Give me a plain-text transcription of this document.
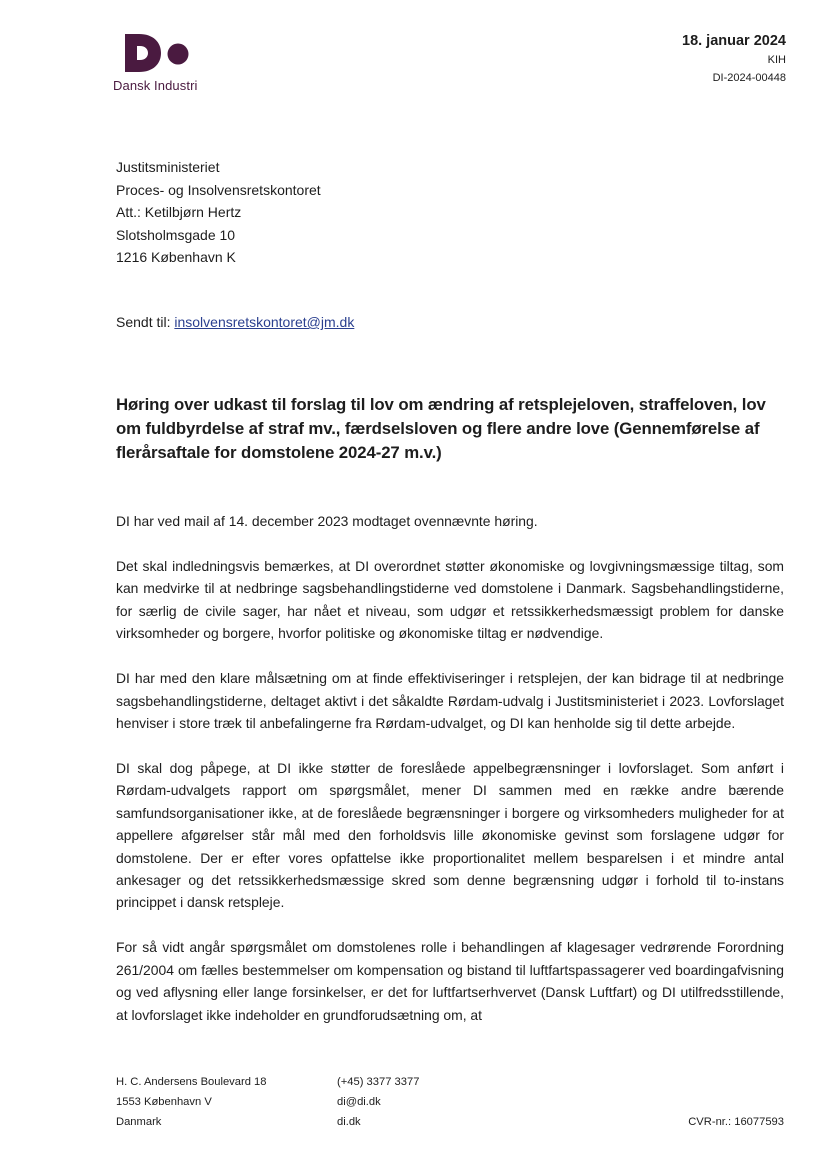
Dansk Industri
18. januar 2024
KIH
DI-2024-00448
Justitsministeriet
Proces- og Insolvensretskontoret
Att.: Ketilbjørn Hertz
Slotsholmsgade 10
1216 København K
Sendt til: insolvensretskontoret@jm.dk
Høring over udkast til forslag til lov om ændring af retsplejeloven, straffeloven, lov om fuldbyrdelse af straf mv., færdselsloven og flere andre love (Gennemførelse af flerårsaftale for domstolene 2024-27 m.v.)

DI har ved mail af 14. december 2023 modtaget ovennævnte høring.

Det skal indledningsvis bemærkes, at DI overordnet støtter økonomiske og lovgivningsmæssige tiltag, som kan medvirke til at nedbringe sagsbehandlingstiderne ved domstolene i Danmark. Sagsbehandlingstiderne, for særlig de civile sager, har nået et niveau, som udgør et retssikkerhedsmæssigt problem for danske virksomheder og borgere, hvorfor politiske og økonomiske tiltag er nødvendige.

DI har med den klare målsætning om at finde effektiviseringer i retsplejen, der kan bidrage til at nedbringe sagsbehandlingstiderne, deltaget aktivt i det såkaldte Rørdam-udvalg i Justitsministeriet i 2023. Lovforslaget henviser i store træk til anbefalingerne fra Rørdam-udvalget, og DI kan henholde sig til dette arbejde.

DI skal dog påpege, at DI ikke støtter de foreslåede appelbegrænsninger i lovforslaget. Som anført i Rørdam-udvalgets rapport om spørgsmålet, mener DI sammen med en række andre bærende samfundsorganisationer ikke, at de foreslåede begrænsninger i borgere og virksomheders muligheder for at appellere afgørelser står mål med den forholdsvis lille økonomiske gevinst som forslagene udgør for domstolene. Der er efter vores opfattelse ikke proportionalitet mellem besparelsen i et mindre antal ankesager og det retssikkerhedsmæssige skred som denne begrænsning udgør i forhold til to-instans princippet i dansk retspleje.

For så vidt angår spørgsmålet om domstolenes rolle i behandlingen af klagesager vedrørende Forordning 261/2004 om fælles bestemmelser om kompensation og bistand til luftfartspassagerer ved boardingafvisning og ved aflysning eller lange forsinkelser, er det for luftfartserhvervet (Dansk Luftfart) og DI utilfredsstillende, at lovforslaget ikke indeholder en grundforudsætning om, at

H. C. Andersens Boulevard 18
1553 København V
Danmark
(+45) 3377 3377
di@di.dk
di.dk	CVR-nr.: 16077593
